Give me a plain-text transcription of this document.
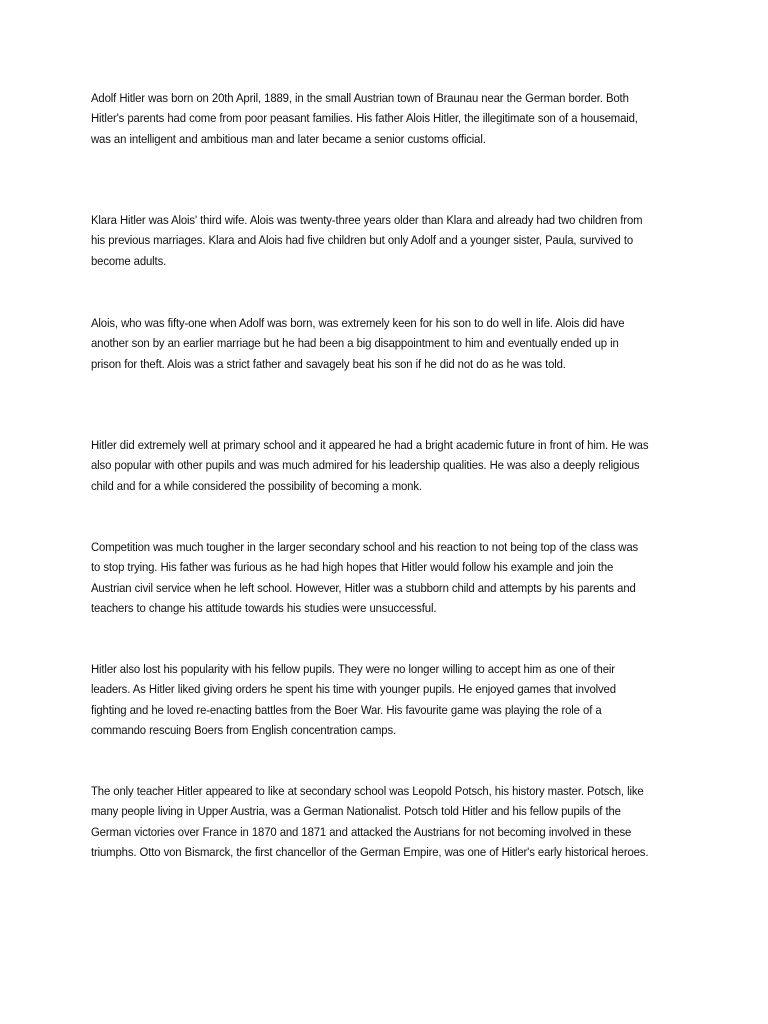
Adolf Hitler was born on 20th April, 1889, in the small Austrian town of Braunau near the German border. Both Hitler's parents had come from poor peasant families. His father Alois Hitler, the illegitimate son of a housemaid, was an intelligent and ambitious man and later became a senior customs official.

Klara Hitler was Alois' third wife. Alois was twenty-three years older than Klara and already had two children from his previous marriages. Klara and Alois had five children but only Adolf and a younger sister, Paula, survived to become adults.

Alois, who was fifty-one when Adolf was born, was extremely keen for his son to do well in life. Alois did have another son by an earlier marriage but he had been a big disappointment to him and eventually ended up in prison for theft. Alois was a strict father and savagely beat his son if he did not do as he was told.

Hitler did extremely well at primary school and it appeared he had a bright academic future in front of him. He was also popular with other pupils and was much admired for his leadership qualities. He was also a deeply religious child and for a while considered the possibility of becoming a monk.

Competition was much tougher in the larger secondary school and his reaction to not being top of the class was to stop trying. His father was furious as he had high hopes that Hitler would follow his example and join the Austrian civil service when he left school. However, Hitler was a stubborn child and attempts by his parents and teachers to change his attitude towards his studies were unsuccessful.

Hitler also lost his popularity with his fellow pupils. They were no longer willing to accept him as one of their leaders. As Hitler liked giving orders he spent his time with younger pupils. He enjoyed games that involved fighting and he loved re-enacting battles from the Boer War. His favourite game was playing the role of a commando rescuing Boers from English concentration camps.

The only teacher Hitler appeared to like at secondary school was Leopold Potsch, his history master. Potsch, like many people living in Upper Austria, was a German Nationalist. Potsch told Hitler and his fellow pupils of the German victories over France in 1870 and 1871 and attacked the Austrians for not becoming involved in these triumphs. Otto von Bismarck, the first chancellor of the German Empire, was one of Hitler's early historical heroes.
